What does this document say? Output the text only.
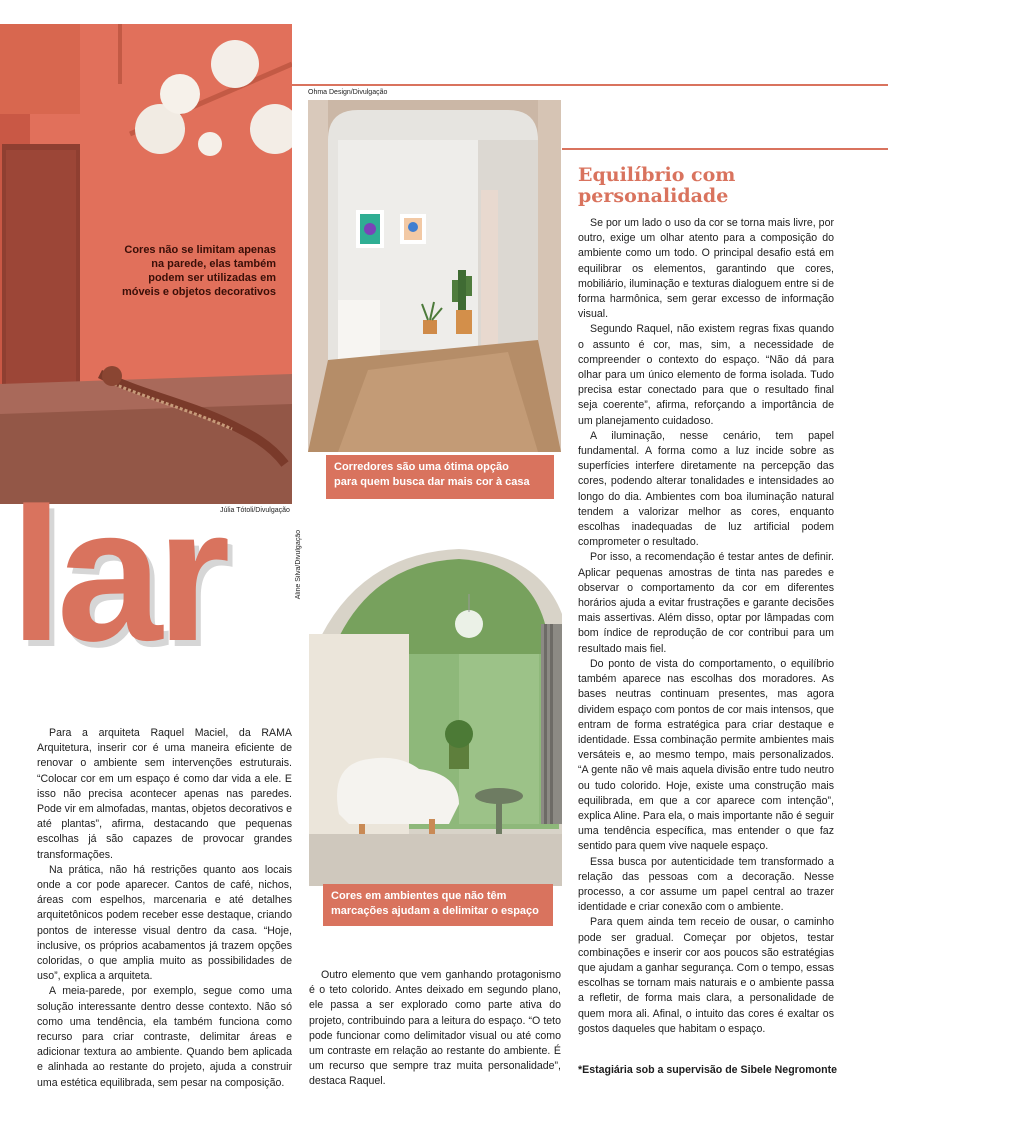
Cores não se limitam apenas
na parede, elas também
podem ser utilizadas em
móveis e objetos decorativos
Júlia Tótoli/Divulgação
lar
Ohma Design/Divulgação
Corredores são uma ótima opção
para quem busca dar mais cor à casa
Aline Silva/Divulgação
Cores em ambientes que não têm
marcações ajudam a delimitar o espaço

Para a arquiteta Raquel Maciel, da RAMA Arquitetura, inserir cor é uma maneira eficiente de renovar o ambiente sem intervenções estruturais. “Colocar cor em um espaço é como dar vida a ele. E isso não precisa acontecer apenas nas paredes. Pode vir em almofadas, mantas, objetos decorativos e até plantas”, afirma, destacando que pequenas escolhas já são capazes de provocar grandes transformações.

Na prática, não há restrições quanto aos locais onde a cor pode aparecer. Cantos de café, nichos, áreas com espelhos, marcenaria e até detalhes arquitetônicos podem receber esse destaque, criando pontos de interesse visual dentro da casa. “Hoje, inclusive, os próprios acabamentos já trazem opções coloridas, o que amplia muito as possibilidades de uso”, explica a arquiteta.

A meia-parede, por exemplo, segue como uma solução interessante dentro desse contexto. Não só como uma tendência, ela também funciona como recurso para criar contraste, delimitar áreas e adicionar textura ao ambiente. Quando bem aplicada e alinhada ao restante do projeto, ajuda a construir uma estética equilibrada, sem pesar na composição.

Outro elemento que vem ganhando protagonismo é o teto colorido. Antes deixado em segundo plano, ele passa a ser explorado como parte ativa do projeto, contribuindo para a leitura do espaço. “O teto pode funcionar como delimitador visual ou até como um contraste em relação ao restante do ambiente. É um recurso que sempre traz muita personalidade”, destaca Raquel.

Equilíbrio com
personalidade

Se por um lado o uso da cor se torna mais livre, por outro, exige um olhar atento para a composição do ambiente como um todo. O principal desafio está em equilibrar os elementos, garantindo que cores, mobiliário, iluminação e texturas dialoguem entre si de forma harmônica, sem gerar excesso de informação visual.

Segundo Raquel, não existem regras fixas quando o assunto é cor, mas, sim, a necessidade de compreender o contexto do espaço. “Não dá para olhar para um único elemento de forma isolada. Tudo precisa estar conectado para que o resultado final seja coerente”, afirma, reforçando a importância de um planejamento cuidadoso.

A iluminação, nesse cenário, tem papel fundamental. A forma como a luz incide sobre as superfícies interfere diretamente na percepção das cores, podendo alterar tonalidades e intensidades ao longo do dia. Ambientes com boa iluminação natural tendem a valorizar melhor as cores, enquanto escolhas inadequadas de luz artificial podem comprometer o resultado.

Por isso, a recomendação é testar antes de definir. Aplicar pequenas amostras de tinta nas paredes e observar o comportamento da cor em diferentes horários ajuda a evitar frustrações e garante decisões mais assertivas. Além disso, optar por lâmpadas com bom índice de reprodução de cor contribui para um resultado mais fiel.

Do ponto de vista do comportamento, o equilíbrio também aparece nas escolhas dos moradores. As bases neutras continuam presentes, mas agora dividem espaço com pontos de cor mais intensos, que entram de forma estratégica para criar destaque e identidade. Essa combinação permite ambientes mais versáteis e, ao mesmo tempo, mais personalizados. “A gente não vê mais aquela divisão entre tudo neutro ou tudo colorido. Hoje, existe uma construção mais equilibrada, em que a cor aparece com intenção”, explica Aline. Para ela, o mais importante não é seguir uma tendência específica, mas entender o que faz sentido para quem vive naquele espaço.

Essa busca por autenticidade tem transformado a relação das pessoas com a decoração. Nesse processo, a cor assume um papel central ao trazer identidade e criar conexão com o ambiente.

Para quem ainda tem receio de ousar, o caminho pode ser gradual. Começar por objetos, testar combinações e inserir cor aos poucos são estratégias que ajudam a ganhar segurança. Com o tempo, essas escolhas se tornam mais naturais e o ambiente passa a refletir, de forma mais clara, a personalidade de quem mora ali. Afinal, o intuito das cores é exaltar os gostos daqueles que habitam o espaço.

*Estagiária sob a supervisão de Sibele Negromonte
